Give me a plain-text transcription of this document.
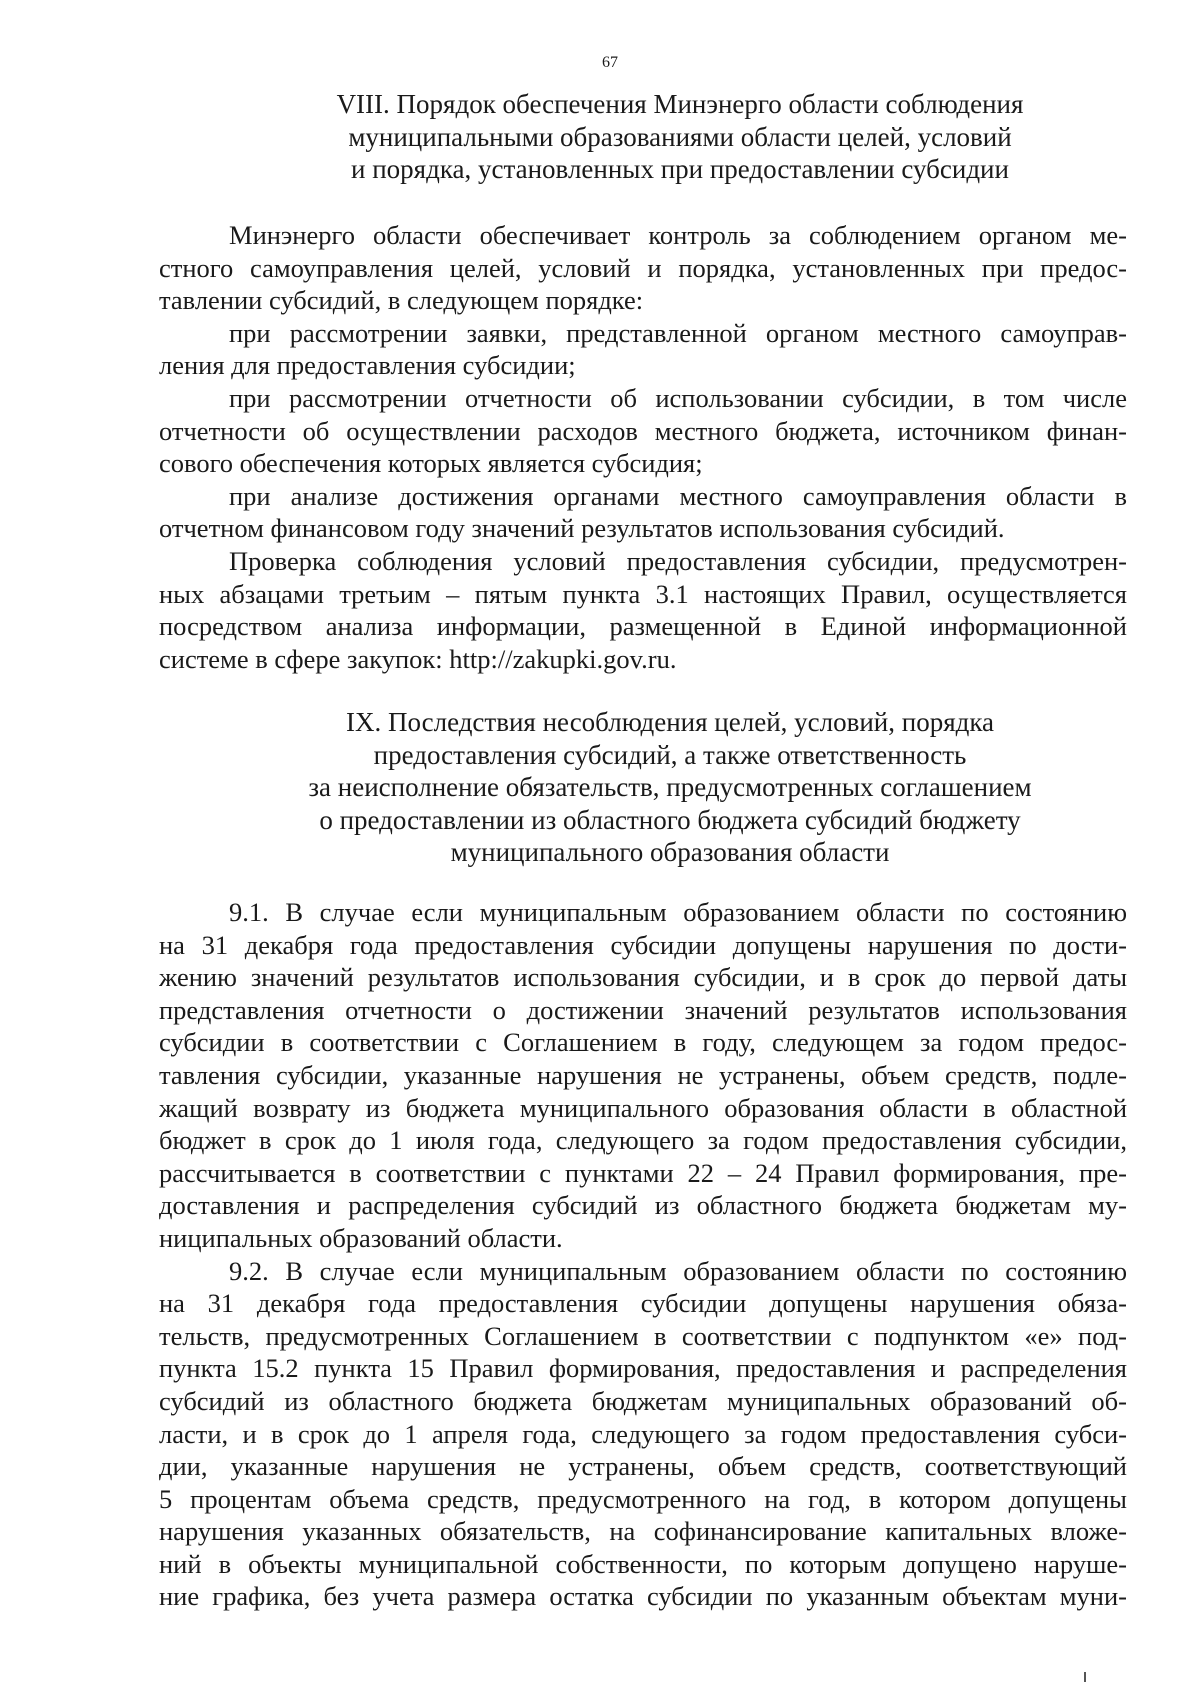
67
VIII. Порядок обеспечения Минэнерго области соблюдения
муниципальными образованиями области целей, условий
и порядка, установленных при предоставлении субсидии
Минэнерго области обеспечивает контроль за соблюдением органом ме-
стного самоуправления целей, условий и порядка, установленных при предос-
тавлении субсидий, в следующем порядке:
при рассмотрении заявки, представленной органом местного самоуправ-
ления для предоставления субсидии;
при рассмотрении отчетности об использовании субсидии, в том числе
отчетности об осуществлении расходов местного бюджета, источником финан-
сового обеспечения которых является субсидия;
при анализе достижения органами местного самоуправления области в
отчетном финансовом году значений результатов использования субсидий.
Проверка соблюдения условий предоставления субсидии, предусмотрен-
ных абзацами третьим – пятым пункта 3.1 настоящих Правил, осуществляется
посредством анализа информации, размещенной в Единой информационной
системе в сфере закупок: http://zakupki.gov.ru.
IX. Последствия несоблюдения целей, условий, порядка
предоставления субсидий, а также ответственность
за неисполнение обязательств, предусмотренных соглашением
о предоставлении из областного бюджета субсидий бюджету
муниципального образования области
9.1. В случае если муниципальным образованием области по состоянию
на 31 декабря года предоставления субсидии допущены нарушения по дости-
жению значений результатов использования субсидии, и в срок до первой даты
представления отчетности о достижении значений результатов использования
субсидии в соответствии с Соглашением в году, следующем за годом предос-
тавления субсидии, указанные нарушения не устранены, объем средств, подле-
жащий возврату из бюджета муниципального образования области в областной
бюджет в срок до 1 июля года, следующего за годом предоставления субсидии,
рассчитывается в соответствии с пунктами 22 – 24 Правил формирования, пре-
доставления и распределения субсидий из областного бюджета бюджетам му-
ниципальных образований области.
9.2. В случае если муниципальным образованием области по состоянию
на 31 декабря года предоставления субсидии допущены нарушения обяза-
тельств, предусмотренных Соглашением в соответствии с подпунктом «е» под-
пункта 15.2 пункта 15 Правил формирования, предоставления и распределения
субсидий из областного бюджета бюджетам муниципальных образований об-
ласти, и в срок до 1 апреля года, следующего за годом предоставления субси-
дии, указанные нарушения не устранены, объем средств, соответствующий
5 процентам объема средств, предусмотренного на год, в котором допущены
нарушения указанных обязательств, на софинансирование капитальных вложе-
ний в объекты муниципальной собственности, по которым допущено наруше-
ние графика, без учета размера остатка субсидии по указанным объектам муни-
